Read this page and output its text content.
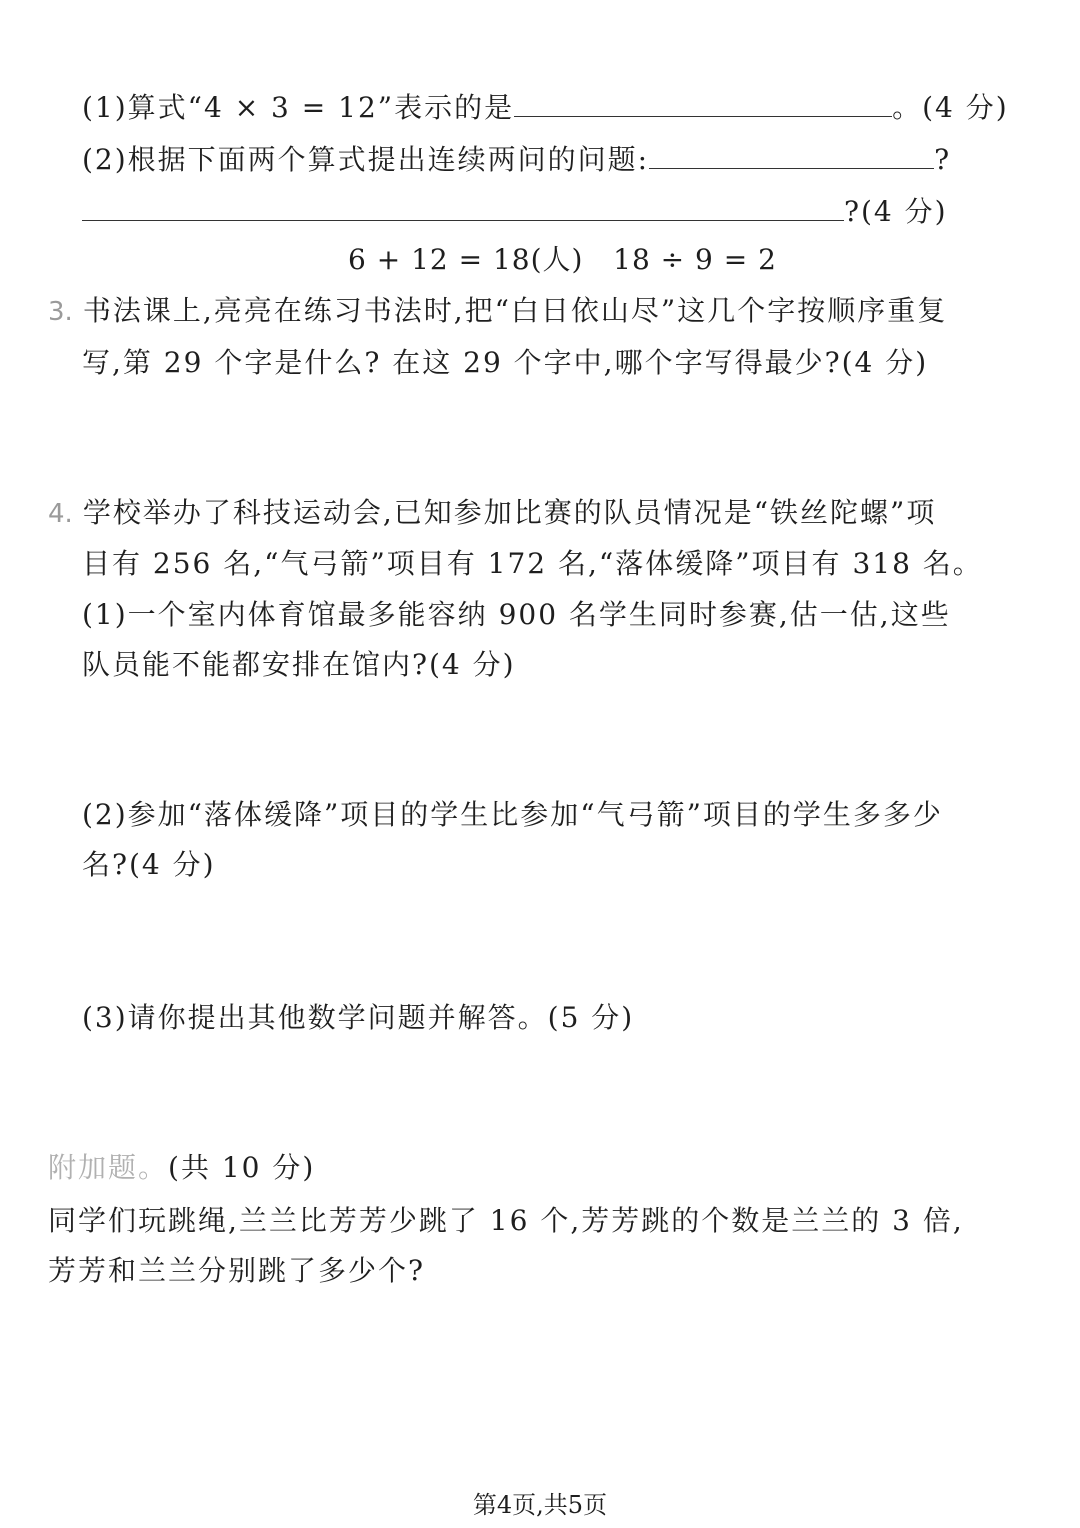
(1)算式“4 × 3 = 12”表示的是	。(4 分)
(2)根据下面两个算式提出连续两问的问题:	?
?(4 分)
6 + 12 = 18(人)   18 ÷ 9 = 2
3. 书法课上,亮亮在练习书法时,把“白日依山尽”这几个字按顺序重复
写,第 29 个字是什么? 在这 29 个字中,哪个字写得最少?(4 分)
4. 学校举办了科技运动会,已知参加比赛的队员情况是“铁丝陀螺”项
目有 256 名,“气弓箭”项目有 172 名,“落体缓降”项目有 318 名。
(1)一个室内体育馆最多能容纳 900 名学生同时参赛,估一估,这些
队员能不能都安排在馆内?(4 分)
(2)参加“落体缓降”项目的学生比参加“气弓箭”项目的学生多多少
名?(4 分)
(3)请你提出其他数学问题并解答。(5 分)
附加题。(共 10 分)
同学们玩跳绳,兰兰比芳芳少跳了 16 个,芳芳跳的个数是兰兰的 3 倍,
芳芳和兰兰分别跳了多少个?
第4页,共5页
